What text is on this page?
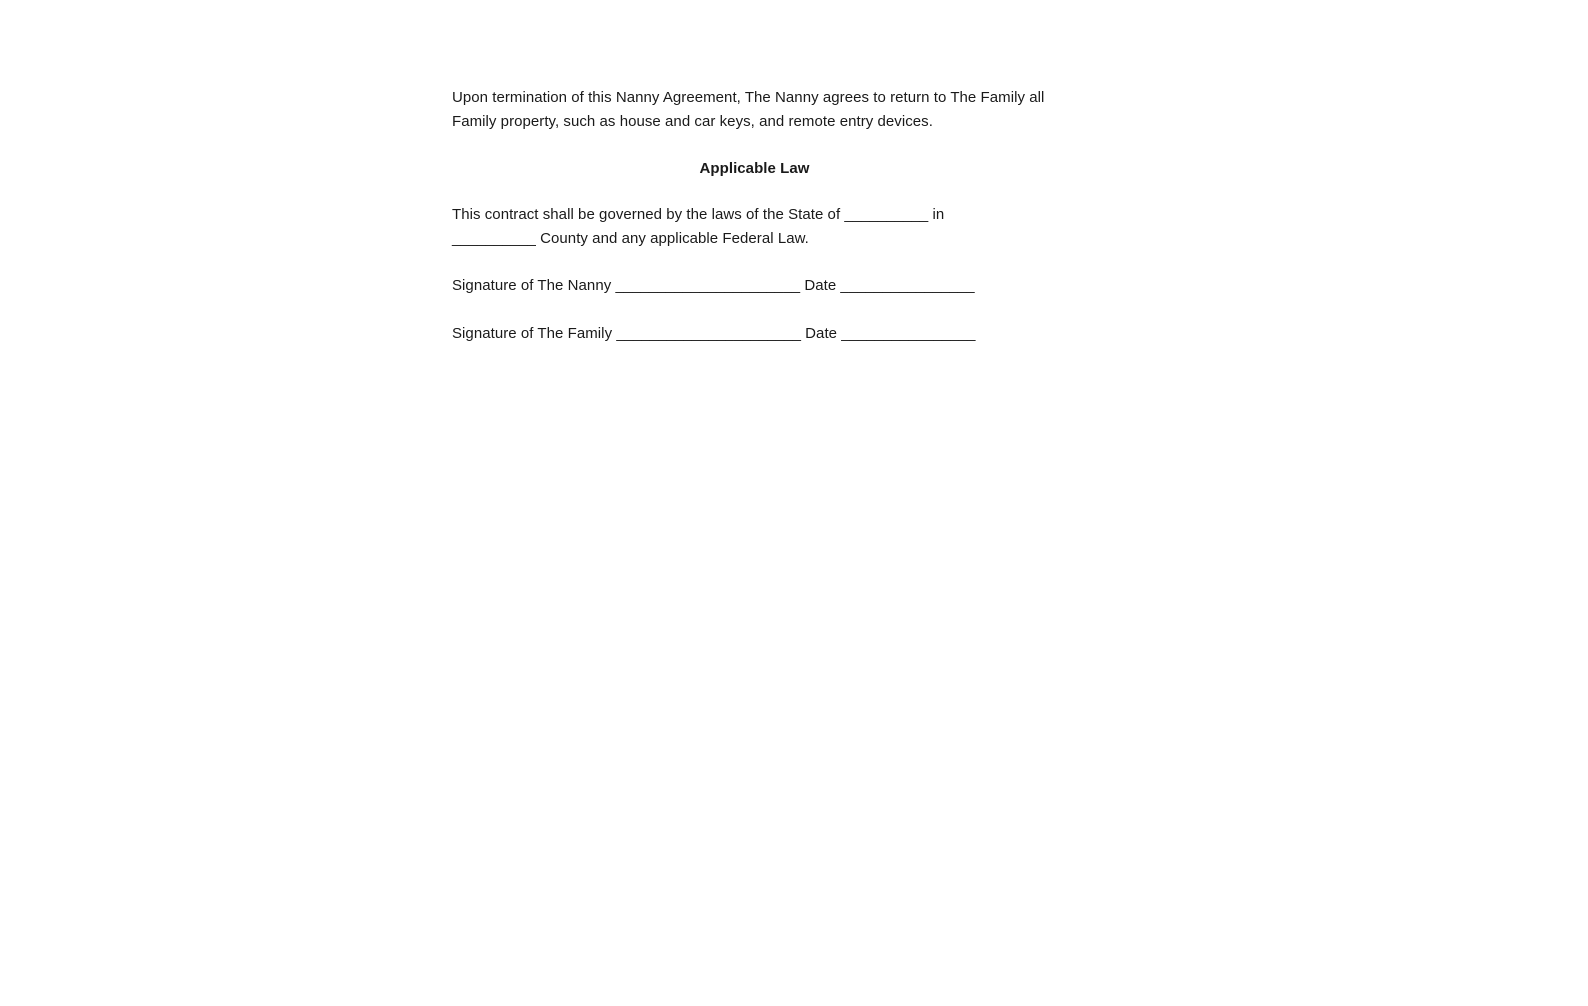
Upon termination of this Nanny Agreement, The Nanny agrees to return to The Family all Family property, such as house and car keys, and remote entry devices.

Applicable Law
This contract shall be governed by the laws of the State of __________ in
__________ County and any applicable Federal Law.
Signature of The Nanny ______________________ Date ________________
Signature of The Family ______________________ Date ________________
